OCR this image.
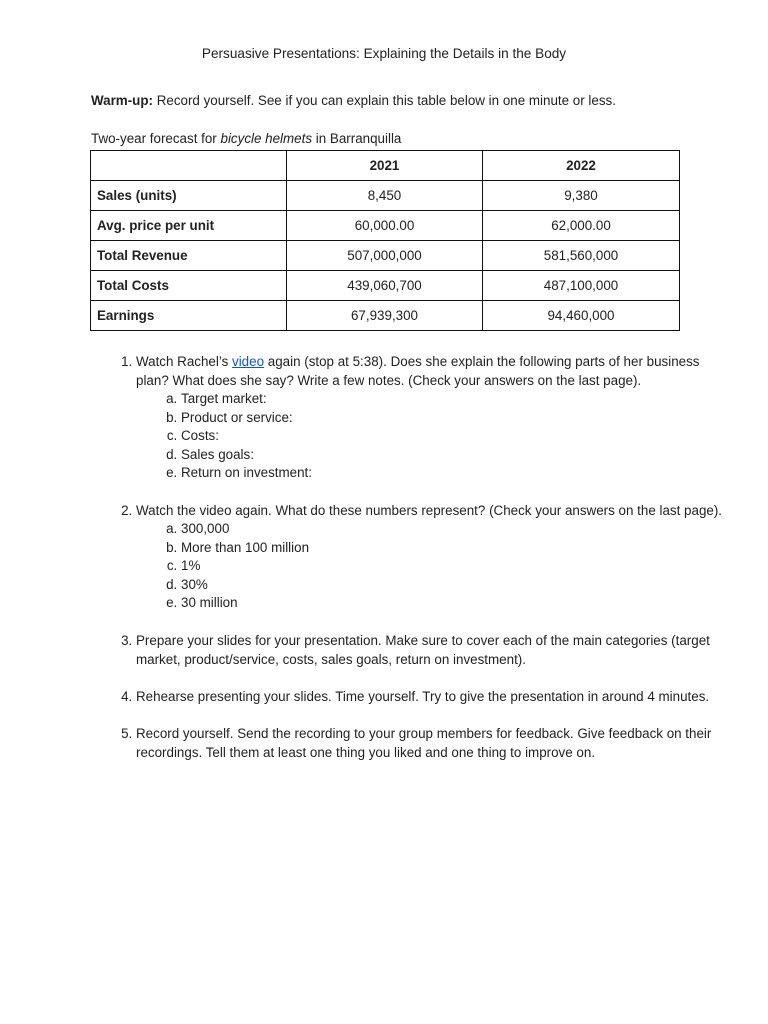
Persuasive Presentations: Explaining the Details in the Body
Warm-up: Record yourself. See if you can explain this table below in one minute or less.
Two-year forecast for bicycle helmets in Barranquilla
	2021	2022
Sales (units)	8,450	9,380
Avg. price per unit	60,000.00	62,000.00
Total Revenue	507,000,000	581,560,000
Total Costs	439,060,700	487,100,000
Earnings	67,939,300	94,460,000
1. Watch Rachel’s video again (stop at 5:38). Does she explain the following parts of her business plan? What does she say? Write a few notes. (Check your answers on the last page).
a. Target market:
b. Product or service:
c. Costs:
d. Sales goals:
e. Return on investment:
2. Watch the video again. What do these numbers represent? (Check your answers on the last page).
a. 300,000
b. More than 100 million
c. 1%
d. 30%
e. 30 million
3. Prepare your slides for your presentation. Make sure to cover each of the main categories (target market, product/service, costs, sales goals, return on investment).
4. Rehearse presenting your slides. Time yourself. Try to give the presentation in around 4 minutes.
5. Record yourself. Send the recording to your group members for feedback. Give feedback on their recordings. Tell them at least one thing you liked and one thing to improve on.
